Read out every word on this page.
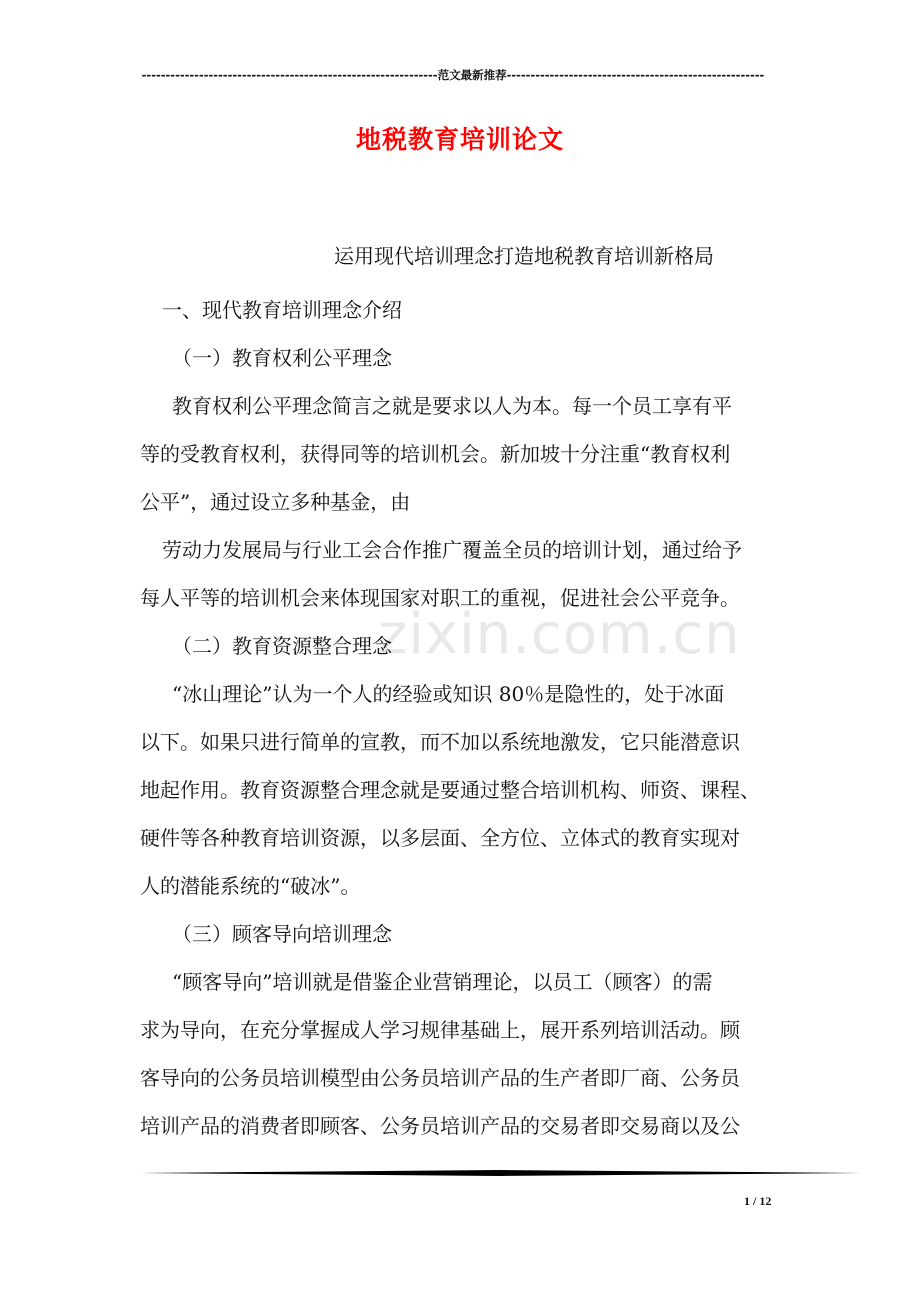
--------------------------------------------------------------范文最新推荐------------------------------------------------------
地税教育培训论文
运用现代培训理念打造地税教育培训新格局
一、现代教育培训理念介绍
（一）教育权利公平理念
教育权利公平理念简言之就是要求以人为本。每一个员工享有平
等的受教育权利，获得同等的培训机会。新加坡十分注重“教育权利
公平”，通过设立多种基金，由
劳动力发展局与行业工会合作推广覆盖全员的培训计划，通过给予
每人平等的培训机会来体现国家对职工的重视，促进社会公平竞争。
zixin.com.cn
（二）教育资源整合理念
“冰山理论”认为一个人的经验或知识 80％是隐性的，处于冰面
以下。如果只进行简单的宣教，而不加以系统地激发，它只能潜意识
地起作用。教育资源整合理念就是要通过整合培训机构、师资、课程、
硬件等各种教育培训资源，以多层面、全方位、立体式的教育实现对
人的潜能系统的“破冰”。
（三）顾客导向培训理念
“顾客导向”培训就是借鉴企业营销理论，以员工（顾客）的需
求为导向，在充分掌握成人学习规律基础上，展开系列培训活动。顾
客导向的公务员培训模型由公务员培训产品的生产者即厂商、公务员
培训产品的消费者即顾客、公务员培训产品的交易者即交易商以及公
1 / 12
